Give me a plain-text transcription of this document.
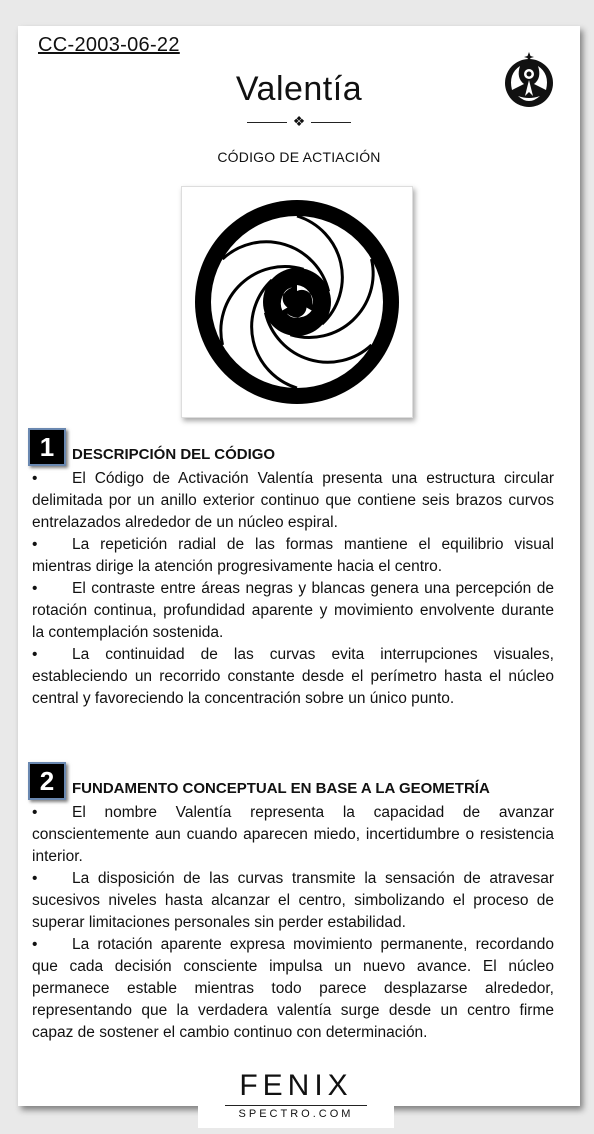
CC-2003-06-22
Valentía
❖
CÓDIGO DE ACTIACIÓN
1	DESCRIPCIÓN DEL CÓDIGO

• El Código de Activación Valentía presenta una estructura circular delimitada por un anillo exterior continuo que contiene seis brazos curvos entrelazados alrededor de un núcleo espiral.

• La repetición radial de las formas mantiene el equilibrio visual mientras dirige la atención progresivamente hacia el centro.

• El contraste entre áreas negras y blancas genera una percepción de rotación continua, profundidad aparente y movimiento envolvente durante la contemplación sostenida.

• La continuidad de las curvas evita interrupciones visuales, estableciendo un recorrido constante desde el perímetro hasta el núcleo central y favoreciendo la concentración sobre un único punto.

2	FUNDAMENTO CONCEPTUAL EN BASE A LA GEOMETRÍA

• El nombre Valentía representa la capacidad de avanzar conscientemente aun cuando aparecen miedo, incertidumbre o resistencia interior.

• La disposición de las curvas transmite la sensación de atravesar sucesivos niveles hasta alcanzar el centro, simbolizando el proceso de superar limitaciones personales sin perder estabilidad.

• La rotación aparente expresa movimiento permanente, recordando que cada decisión consciente impulsa un nuevo avance. El núcleo permanece estable mientras todo parece desplazarse alrededor, representando que la verdadera valentía surge desde un centro firme capaz de sostener el cambio continuo con determinación.

FENIX
SPECTRO.COM
